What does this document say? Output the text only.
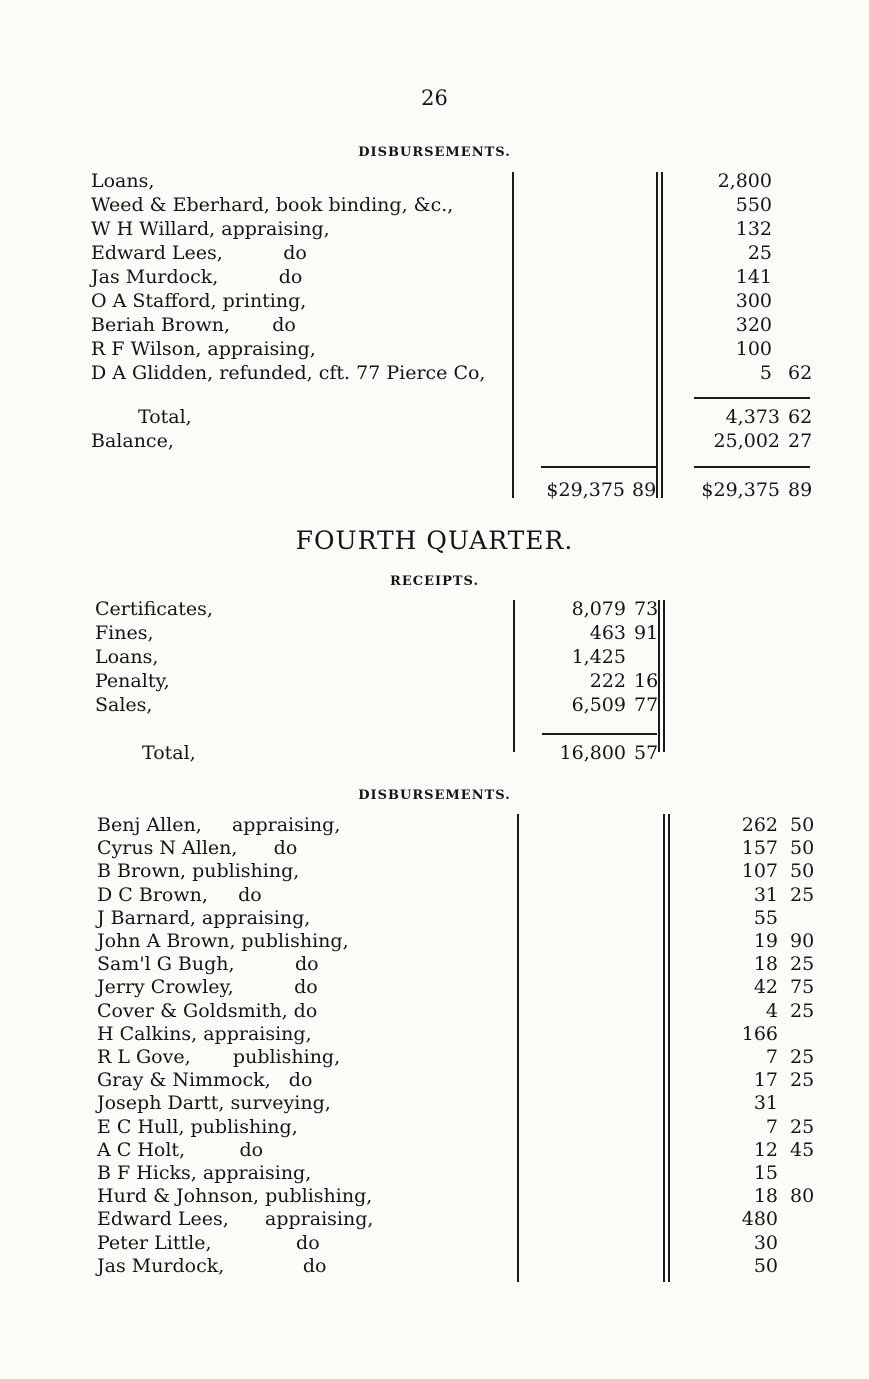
26
DISBURSEMENTS.
Loans,	2,800
Weed & Eberhard, book binding, &c.,	550
W H Willard, appraising,	132
Edward Lees,          do	25
Jas Murdock,          do	141
O A Stafford, printing,	300
Beriah Brown,       do	320
R F Wilson, appraising,	100
D A Glidden, refunded, cft. 77 Pierce Co,	5 62
Total,	4,373 62
Balance,	25,002 27
$29,375 89	$29,375 89
FOURTH QUARTER.
RECEIPTS.
Certificates,	8,079 73
Fines,	463 91
Loans,	1,425
Penalty,	222 16
Sales,	6,509 77
Total,	16,800 57
DISBURSEMENTS.
Benj Allen,     appraising,	262 50
Cyrus N Allen,      do	157 50
B Brown, publishing,	107 50
D C Brown,     do	31 25
J Barnard, appraising,	55
John A Brown, publishing,	19 90
Sam'l G Bugh,          do	18 25
Jerry Crowley,          do	42 75
Cover & Goldsmith, do	4 25
H Calkins, appraising,	166
R L Gove,       publishing,	7 25
Gray & Nimmock,   do	17 25
Joseph Dartt, surveying,	31
E C Hull, publishing,	7 25
A C Holt,         do	12 45
B F Hicks, appraising,	15
Hurd & Johnson, publishing,	18 80
Edward Lees,      appraising,	480
Peter Little,              do	30
Jas Murdock,             do	50
